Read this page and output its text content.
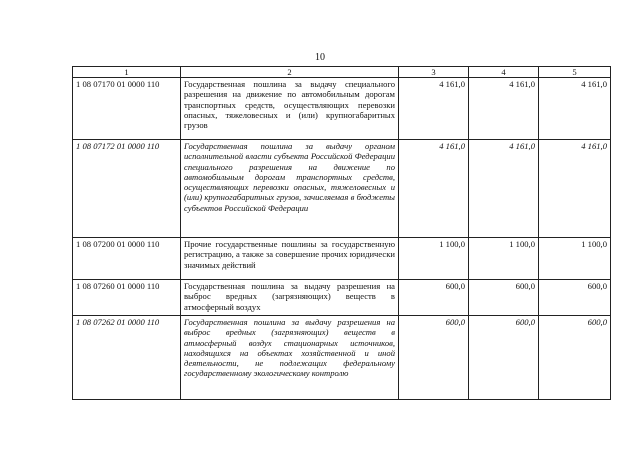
10
1	2	3	4	5
1 08 07170 01 0000 110	Государственная пошлина за выдачу специального разрешения на движение по автомобильным дорогам транспортных средств, осуществляющих перевозки опасных, тяжеловесных и (или) крупногабаритных грузов	4 161,0	4 161,0	4 161,0
1 08 07172 01 0000 110	Государственная пошлина за выдачу органом исполнительной власти субъекта Российской Федерации специального разрешения на движение по автомобильным дорогам транспортных средств, осуществляющих перевозки опасных, тяжеловесных и (или) крупногабаритных грузов, зачисляемая в бюджеты субъектов Российской Федерации	4 161,0	4 161,0	4 161,0
1 08 07200 01 0000 110	Прочие государственные пошлины за государственную регистрацию, а также за совершение прочих юридически значимых действий	1 100,0	1 100,0	1 100,0
1 08 07260 01 0000 110	Государственная пошлина за выдачу разрешения на выброс вредных (загрязняющих) веществ в атмосферный воздух	600,0	600,0	600,0
1 08 07262 01 0000 110	Государственная пошлина за выдачу разрешения на выброс вредных (загрязняющих) веществ в атмосферный воздух стационарных источников, находящихся на объектах хозяйственной и иной деятельности, не подлежащих федеральному государственному экологическому контролю	600,0	600,0	600,0
